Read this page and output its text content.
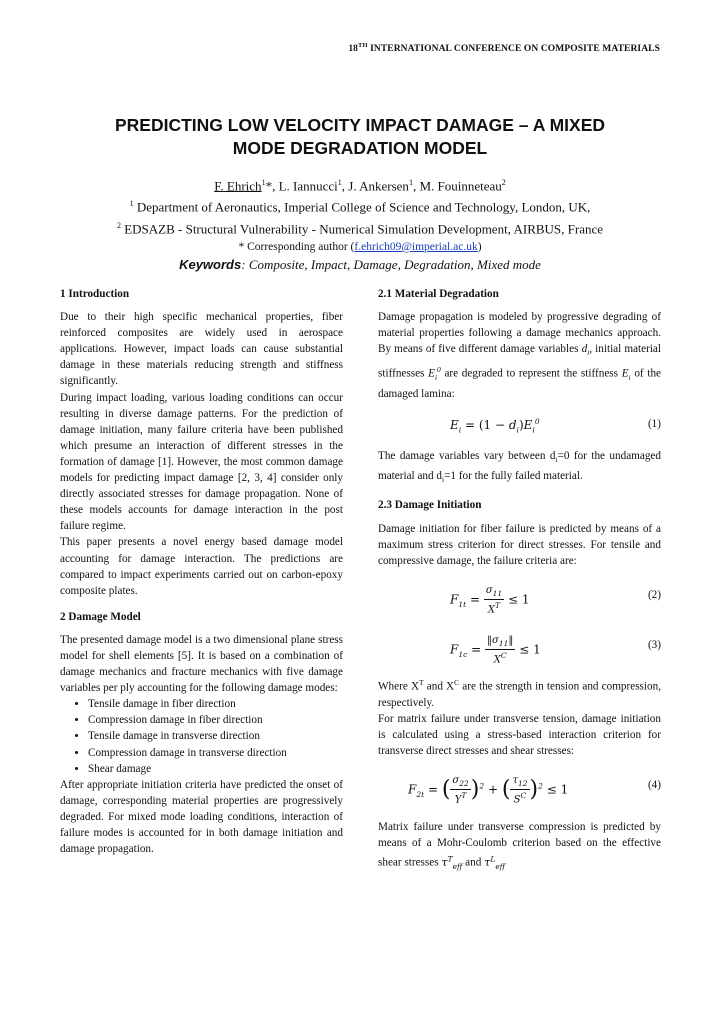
18TH INTERNATIONAL CONFERENCE ON COMPOSITE MATERIALS
PREDICTING LOW VELOCITY IMPACT DAMAGE – A MIXED
MODE DEGRADATION MODEL
F. Ehrich$^1$*, L. Iannucci$^1$, J. Ankersen$^1$, M. Fouinneteau$^2$
$^1$ Department of Aeronautics, Imperial College of Science and Technology, London, UK,
$^2$ EDSAZB - Structural Vulnerability - Numerical Simulation Development, AIRBUS, France
* Corresponding author (f.ehrich09@imperial.ac.uk)
Keywords: Composite, Impact, Damage, Degradation, Mixed mode
1 Introduction

Due to their high specific mechanical properties, fiber reinforced composites are widely used in aerospace applications. However, impact loads can cause substantial damage in these materials reducing strength and stiffness significantly.

During impact loading, various loading conditions can occur resulting in diverse damage patterns. For the prediction of damage initiation, many failure criteria have been published which presume an interaction of different stresses in the formation of damage [1]. However, the most common damage models for predicting impact damage [2, 3, 4] consider only directly associated stresses for damage propagation. None of these models accounts for damage interaction in the post failure regime.

This paper presents a novel energy based damage model accounting for damage interaction. The predictions are compared to impact experiments carried out on carbon-epoxy composite plates.

2 Damage Model

The presented damage model is a two dimensional plane stress model for shell elements [5]. It is based on a combination of damage mechanics and fracture mechanics with five damage variables per ply accounting for the following damage modes:

• Tensile damage in fiber direction
• Compression damage in fiber direction
• Tensile damage in transverse direction
• Compression damage in transverse direction
• Shear damage

After appropriate initiation criteria have predicted the onset of damage, corresponding material properties are progressively degraded. For mixed mode loading conditions, interaction of failure modes is accounted for in both damage initiation and damage propagation.

2.1 Material Degradation

Damage propagation is modeled by progressive degrading of material properties following a damage mechanics approach. By means of five different damage variables $d_i$, initial material stiffnesses $E_i^0$ are degraded to represent the stiffness $E_i$ of the damaged lamina:

$E_i = (1 - d_i)E_i^0$	(1)

The damage variables vary between $d_i=0$ for the undamaged material and $d_i=1$ for the fully failed material.

2.3 Damage Initiation

Damage initiation for fiber failure is predicted by means of a maximum stress criterion for direct stresses. For tensile and compressive damage, the failure criteria are:

$F_{1t} = \frac{\sigma_{11}}{X^T} \le 1$	(2)
$F_{1c} = \frac{‖\sigma_{11}‖}{X^C} \le 1$	(3)

Where $X^T$ and $X^C$ are the strength in tension and compression, respectively.

For matrix failure under transverse tension, damage initiation is calculated using a stress-based interaction criterion for transverse direct stresses and shear stresses:

$F_{2t}$ = ( $\frac{\sigma_{22}}{Y^T} )^2$ + ( $\frac{\tau_{12}}{S^C} )^2 \le 1$	(4)

Matrix failure under transverse compression is predicted by means of a Mohr-Coulomb criterion based on the effective shear stresses $\tau^T_{eff}$ and $\tau^L_{eff}$
